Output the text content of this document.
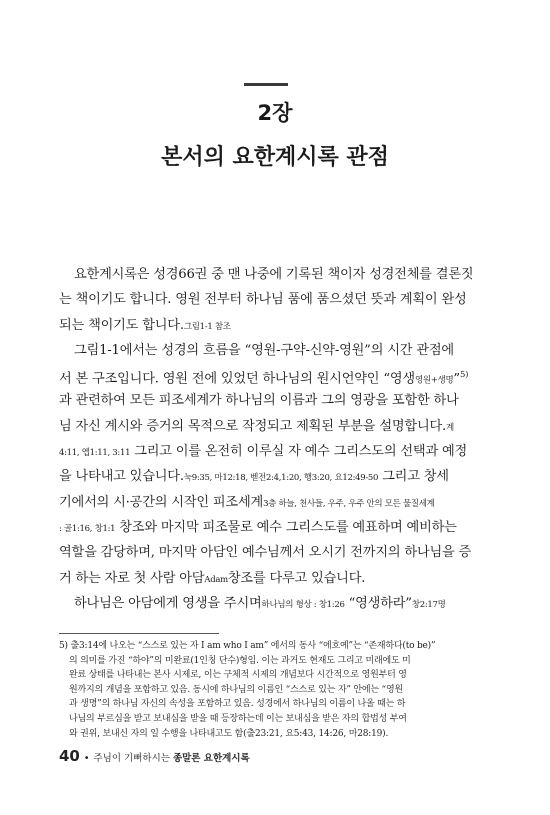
2장
본서의 요한계시록 관점
요한계시록은 성경66권 중 맨 나중에 기록된 책이자 성경전체를 결론짓
는 책이기도 합니다. 영원 전부터 하나님 품에 품으셨던 뜻과 계획이 완성
되는 책이기도 합니다.그림1-1 참조
그림1-1에서는 성경의 흐름을 “영원-구약-신약-영원”의 시간 관점에
서 본 구조입니다. 영원 전에 있었던 하나님의 원시언약인 “영생영원+생명”$^{5)}$
과 관련하여 모든 피조세계가 하나님의 이름과 그의 영광을 포함한 하나
님 자신 계시와 증거의 목적으로 작정되고 제획된 부분을 설명합니다.계
4:11, 엡1:11, 3:11 그리고 이를 온전히 이루실 자 예수 그리스도의 선택과 예정
을 나타내고 있습니다.눅9:35, 마12:18, 벧전2:4,1:20, 행3:20, 요12:49-50 그리고 창세
기에서의 시·공간의 시작인 피조세계3층 하늘, 천사들, 우주, 우주 안의 모든 물질세계
: 골1:16, 창1:1 창조와 마지막 피조물로 예수 그리스도를 예표하며 예비하는
역할을 감당하며, 마지막 아담인 예수님께서 오시기 전까지의 하나님을 증
거 하는 자로 첫 사람 아담Adam창조를 다루고 있습니다.
하나님은 아담에게 영생을 주시며하나님의 형상 : 창1:26 “영생하라”창2:17명
5) 출3:14에 나오는 “스스로 있는 자 I am who I am” 에서의 동사 “에흐예”는 “존재하다(to be)”
의 의미를 가진 “하야”의 미완료(1인칭 단수)형임. 이는 과거도 현재도 그리고 미래에도 미
완료 상태를 나타내는 본사 시제로, 이는 구체적 시제의 개념보다 시간적으로 영원부터 영
원까지의 개념을 포함하고 있음. 동시에 하나님의 이름인 “스스로 있는 자” 안에는 “영원
과 생명”의 하나님 자신의 속성을 포함하고 있음. 성경에서 하나님의 이름이 나올 때는 하
나님의 부르심을 받고 보내심을 받을 때 등장하는데 이는 보내심을 받은 자의 합법성 부여
와 권위, 보내신 자의 일 수행을 나타내고도 함(출23:21, 요5:43, 14:26, 마28:19).
40 • 주님이 기뻐하시는 종말론 요한계시록
